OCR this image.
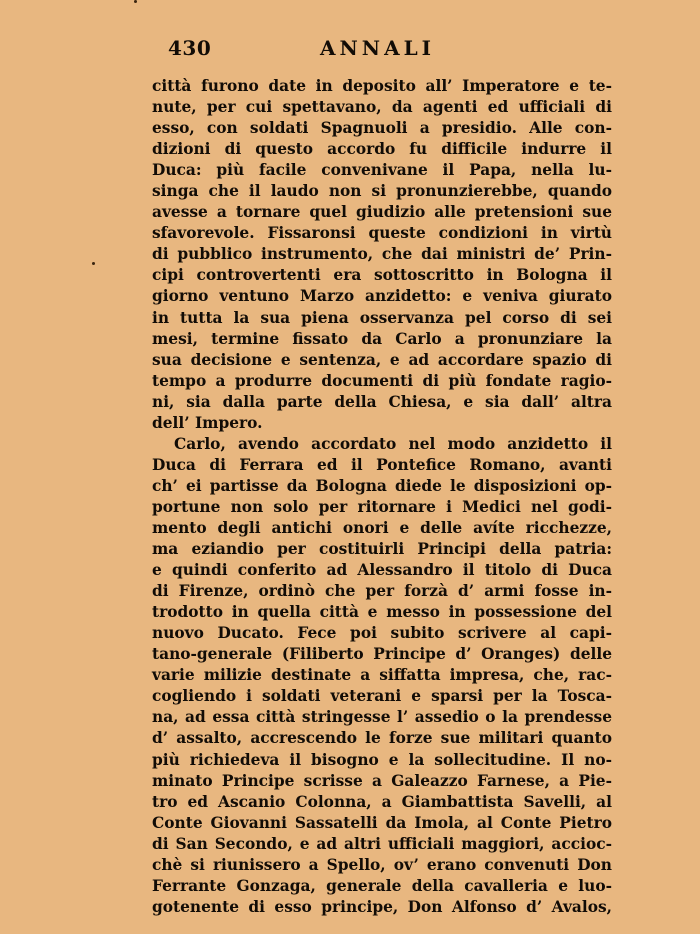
430	ANNALI
città furono date in deposito all’ Imperatore e te-
nute, per cui spettavano, da agenti ed ufficiali di
esso, con soldati Spagnuoli a presidio. Alle con-
dizioni di questo accordo fu difficile indurre il
Duca: più facile convenivane il Papa, nella lu-
singa che il laudo non si pronunzierebbe, quando
avesse a tornare quel giudizio alle pretensioni sue
sfavorevole. Fissaronsi queste condizioni in virtù
di pubblico instrumento, che dai ministri de’ Prin-
cipi controvertenti era sottoscritto in Bologna il
giorno ventuno Marzo anzidetto: e veniva giurato
in tutta la sua piena osservanza pel corso di sei
mesi, termine fissato da Carlo a pronunziare la
sua decisione e sentenza, e ad accordare spazio di
tempo a produrre documenti di più fondate ragio-
ni, sia dalla parte della Chiesa, e sia dall’ altra
dell’ Impero.
Carlo, avendo accordato nel modo anzidetto il
Duca di Ferrara ed il Pontefice Romano, avanti
ch’ ei partisse da Bologna diede le disposizioni op-
portune non solo per ritornare i Medici nel godi-
mento degli antichi onori e delle avíte ricchezze,
ma eziandio per costituirli Principi della patria:
e quindi conferito ad Alessandro il titolo di Duca
di Firenze, ordinò che per forzà d’ armi fosse in-
trodotto in quella città e messo in possessione del
nuovo Ducato. Fece poi subito scrivere al capi-
tano-generale (Filiberto Principe d’ Oranges) delle
varie milizie destinate a siffatta impresa, che, rac-
cogliendo i soldati veterani e sparsi per la Tosca-
na, ad essa città stringesse l’ assedio o la prendesse
d’ assalto, accrescendo le forze sue militari quanto
più richiedeva il bisogno e la sollecitudine. Il no-
minato Principe scrisse a Galeazzo Farnese, a Pie-
tro ed Ascanio Colonna, a Giambattista Savelli, al
Conte Giovanni Sassatelli da Imola, al Conte Pietro
di San Secondo, e ad altri ufficiali maggiori, accioc-
chè si riunissero a Spello, ov’ erano convenuti Don
Ferrante Gonzaga, generale della cavalleria e luo-
gotenente di esso principe, Don Alfonso d’ Avalos,
